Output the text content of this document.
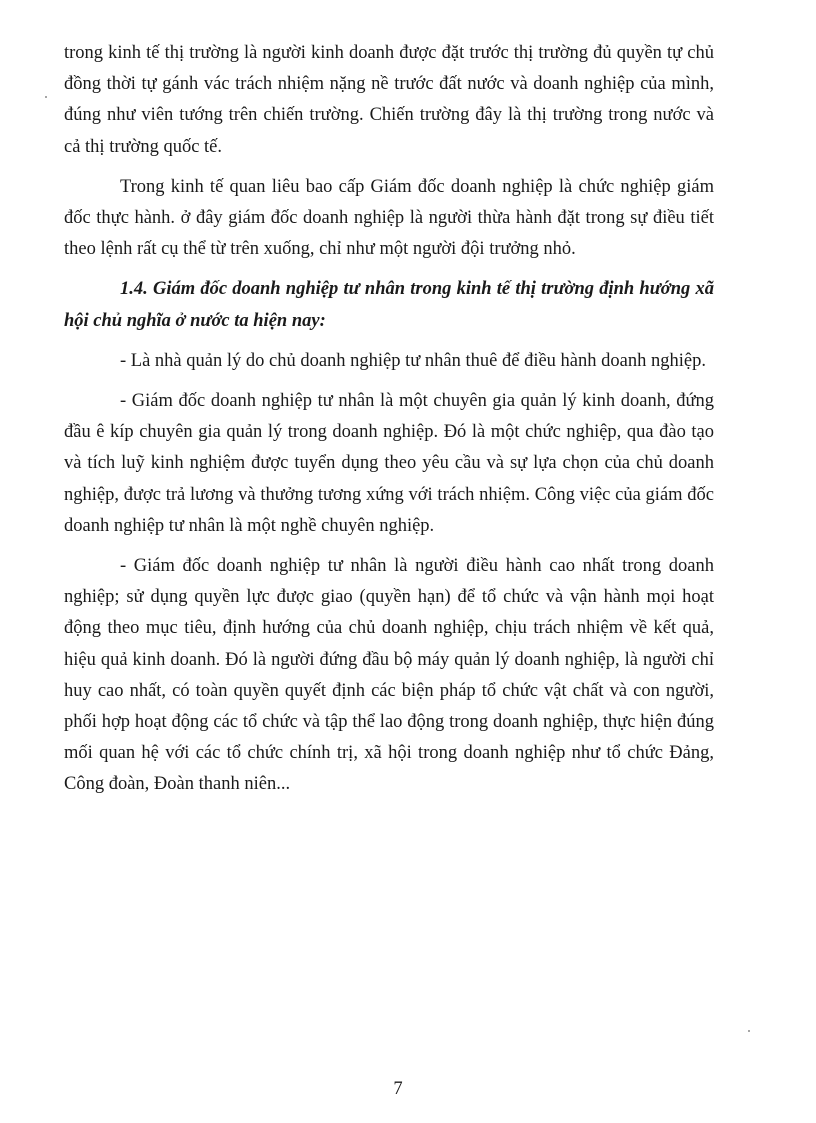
trong kinh tế thị trường là người kinh doanh được đặt trước thị trường đủ quyền tự chủ đồng thời tự gánh vác trách nhiệm nặng nề trước đất nước và doanh nghiệp của mình, đúng như viên tướng trên chiến trường. Chiến trường đây là thị trường trong nước và cả thị trường quốc tế.

Trong kinh tế quan liêu bao cấp Giám đốc doanh nghiệp là chức nghiệp giám đốc thực hành. ở đây giám đốc doanh nghiệp là người thừa hành đặt trong sự điều tiết theo lệnh rất cụ thể từ trên xuống, chỉ như một người đội trưởng nhỏ.

1.4. Giám đốc doanh nghiệp tư nhân trong kinh tế thị trường định hướng xã hội chủ nghĩa ở nước ta hiện nay:

- Là nhà quản lý do chủ doanh nghiệp tư nhân thuê để điều hành doanh nghiệp.

- Giám đốc doanh nghiệp tư nhân là một chuyên gia quản lý kinh doanh, đứng đầu ê kíp chuyên gia quản lý trong doanh nghiệp. Đó là một chức nghiệp, qua đào tạo và tích luỹ kinh nghiệm được tuyển dụng theo yêu cầu và sự lựa chọn của chủ doanh nghiệp, được trả lương và thưởng tương xứng với trách nhiệm. Công việc của giám đốc doanh nghiệp tư nhân là một nghề chuyên nghiệp.

- Giám đốc doanh nghiệp tư nhân là người điều hành cao nhất trong doanh nghiệp; sử dụng quyền lực được giao (quyền hạn) để tổ chức và vận hành mọi hoạt động theo mục tiêu, định hướng của chủ doanh nghiệp, chịu trách nhiệm về kết quả, hiệu quả kinh doanh. Đó là người đứng đầu bộ máy quản lý doanh nghiệp, là người chỉ huy cao nhất, có toàn quyền quyết định các biện pháp tổ chức vật chất và con người, phối hợp hoạt động các tổ chức và tập thể lao động trong doanh nghiệp, thực hiện đúng mối quan hệ với các tổ chức chính trị, xã hội trong doanh nghiệp như tổ chức Đảng, Công đoàn, Đoàn thanh niên...

7
